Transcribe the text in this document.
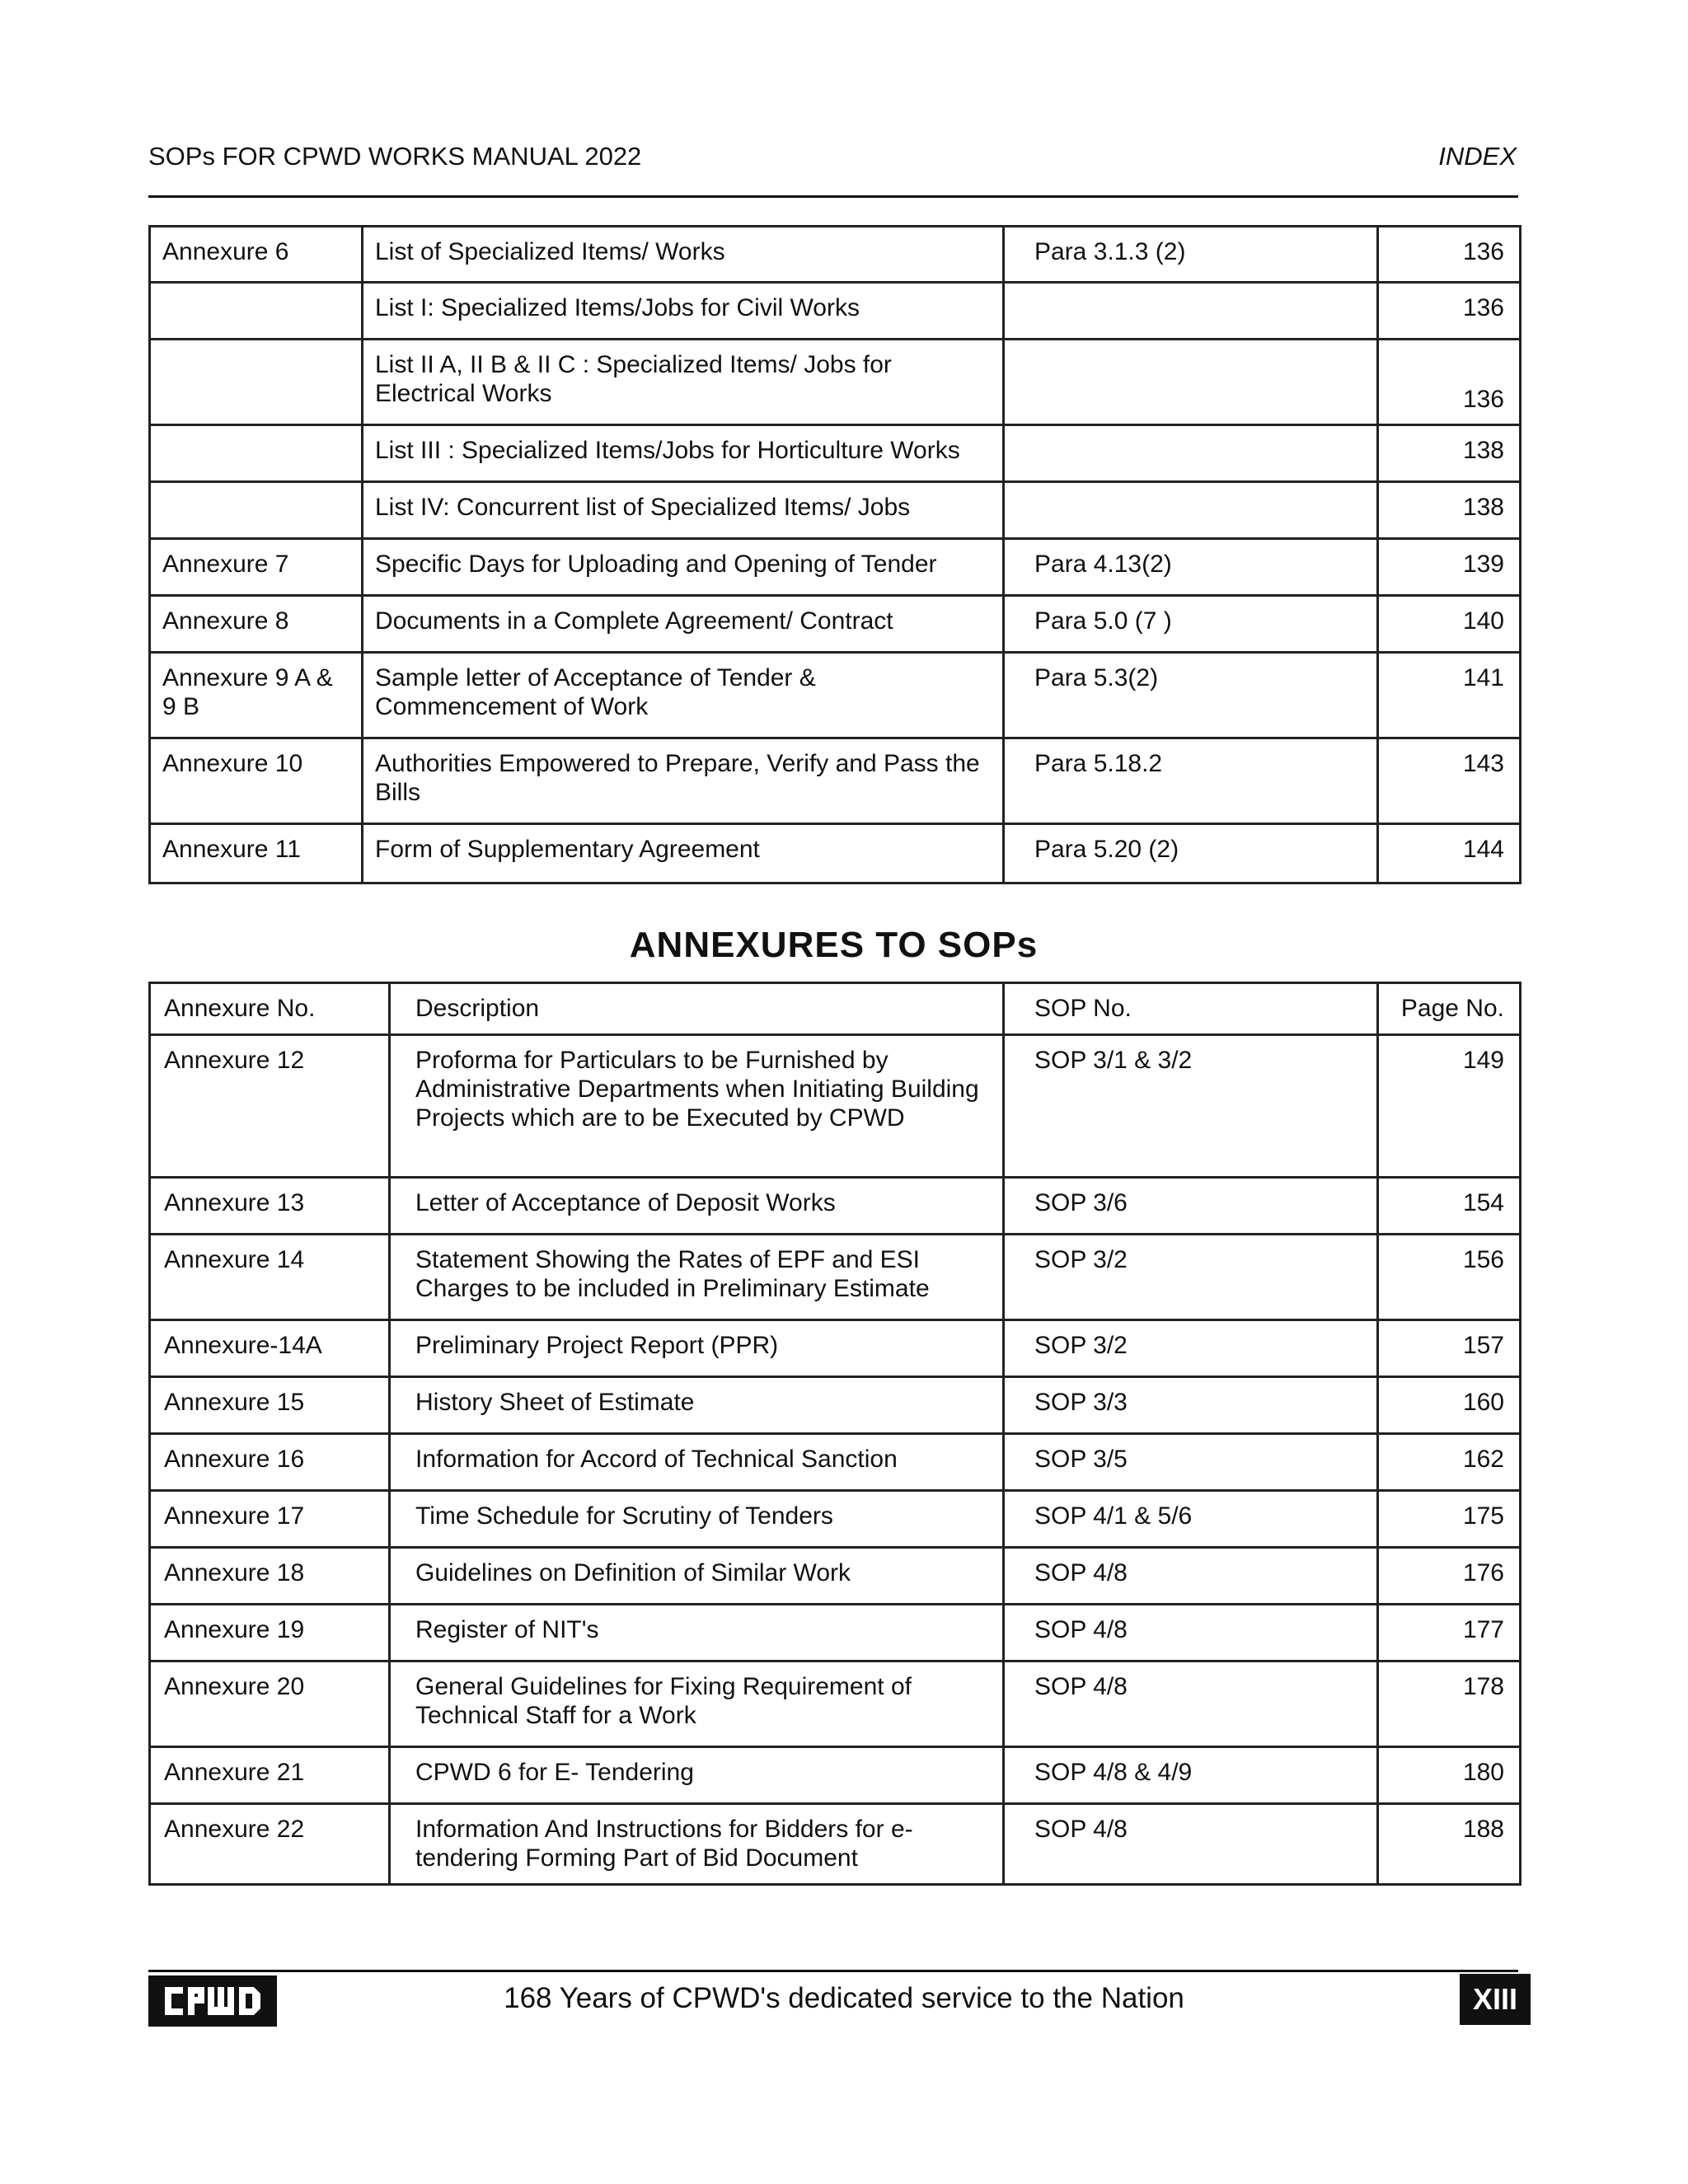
SOPs FOR CPWD WORKS MANUAL 2022	INDEX
Annexure 6	List of Specialized Items/ Works	Para 3.1.3 (2)	136
	List I: Specialized Items/Jobs for Civil Works		136
	List II A, II B & II C : Specialized Items/ Jobs for Electrical Works		136
	List III : Specialized Items/Jobs for Horticulture Works		138
	List IV: Concurrent list of Specialized Items/ Jobs		138
Annexure 7	Specific Days for Uploading and Opening of Tender	Para 4.13(2)	139
Annexure 8	Documents in a Complete Agreement/ Contract	Para 5.0 (7 )	140
Annexure 9 A & 9 B	Sample letter of Acceptance of Tender & Commencement of Work	Para 5.3(2)	141
Annexure 10	Authorities Empowered to Prepare, Verify and Pass the Bills	Para 5.18.2	143
Annexure 11	Form of Supplementary Agreement	Para 5.20 (2)	144
ANNEXURES TO SOPs
Annexure No.	Description	SOP No.	Page No.
Annexure 12	Proforma for Particulars to be Furnished by Administrative Departments when Initiating Building Projects which are to be Executed by CPWD	SOP 3/1 & 3/2	149
Annexure 13	Letter of Acceptance of Deposit Works	SOP 3/6	154
Annexure 14	Statement Showing the Rates of EPF and ESI Charges to be included in Preliminary Estimate	SOP 3/2	156
Annexure-14A	Preliminary Project Report (PPR)	SOP 3/2	157
Annexure 15	History Sheet of Estimate	SOP 3/3	160
Annexure 16	Information for Accord of Technical Sanction	SOP 3/5	162
Annexure 17	Time Schedule for Scrutiny of Tenders	SOP 4/1 & 5/6	175
Annexure 18	Guidelines on Definition of Similar Work	SOP 4/8	176
Annexure 19	Register of NIT's	SOP 4/8	177
Annexure 20	General Guidelines for Fixing Requirement of Technical Staff for a Work	SOP 4/8	178
Annexure 21	CPWD 6 for E- Tendering	SOP 4/8 & 4/9	180
Annexure 22	Information And Instructions for Bidders for e-tendering Forming Part of Bid Document	SOP 4/8	188
168 Years of CPWD's dedicated service to the Nation	XIII
